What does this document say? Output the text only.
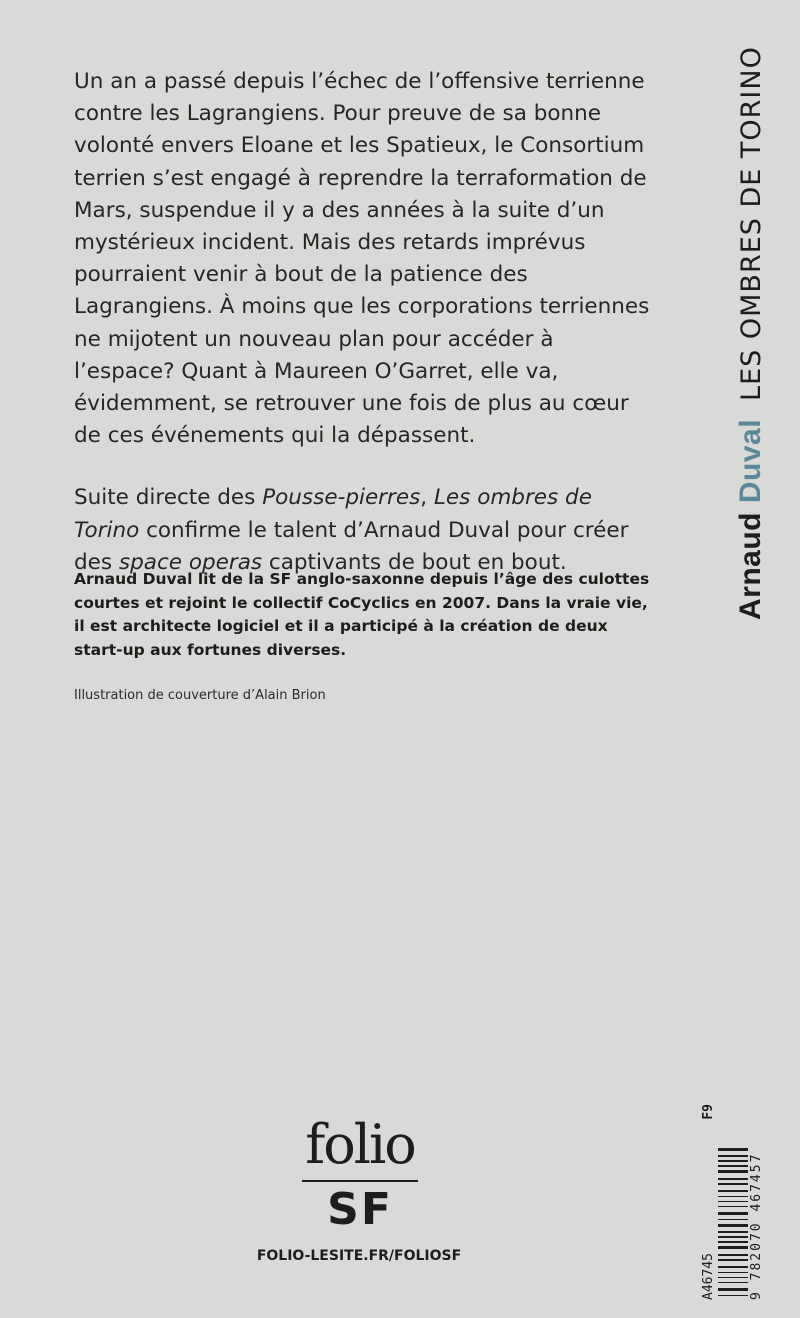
Un an a passé depuis l’échec de l’offensive terrienne contre les Lagrangiens. Pour preuve de sa bonne volonté envers Eloane et les Spatieux, le Consortium terrien s’est engagé à reprendre la terraformation de Mars, suspendue il y a des années à la suite d’un mystérieux incident. Mais des retards imprévus pourraient venir à bout de la patience des Lagrangiens. À moins que les corporations terriennes ne mijotent un nouveau plan pour accéder à l’espace? Quant à Maureen O’Garret, elle va, évidemment, se retrouver une fois de plus au cœur de ces événements qui la dépassent.

Suite directe des Pousse-pierres, Les ombres de Torino confirme le talent d’Arnaud Duval pour créer des space operas captivants de bout en bout.

Arnaud Duval lit de la SF anglo-saxonne depuis l’âge des culottes courtes et rejoint le collectif CoCyclics en 2007. Dans la vraie vie, il est architecte logiciel et il a participé à la création de deux start-up aux fortunes diverses.
Illustration de couverture d’Alain Brion
Arnaud Duval
LES OMBRES DE TORINO
folio
SF
FOLIO-LESITE.FR/FOLIOSF	A46745
F9
9 782070 467457
